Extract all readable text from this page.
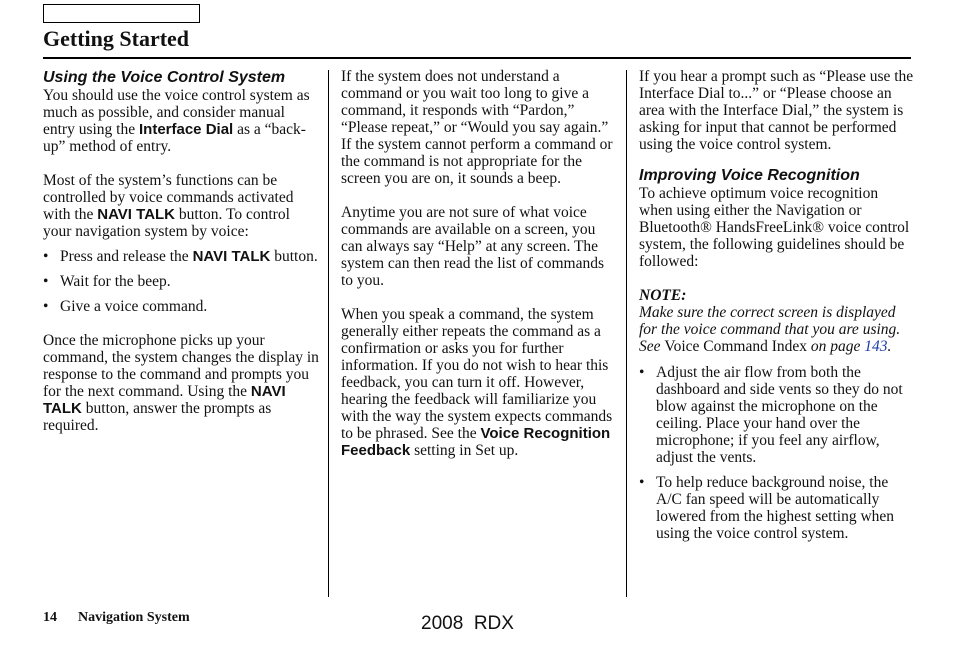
Getting Started
Using the Voice Control System

You should use the voice control system as much as possible, and consider manual entry using the Interface Dial as a “back-up” method of entry.

Most of the system’s functions can be controlled by voice commands activated with the NAVI TALK button. To control your navigation system by voice:

• Press and release the NAVI TALK button.
• Wait for the beep.
• Give a voice command.

Once the microphone picks up your command, the system changes the display in response to the command and prompts you for the next command. Using the NAVI TALK button, answer the prompts as required.

If the system does not understand a command or you wait too long to give a command, it responds with “Pardon,” “Please repeat,” or “Would you say again.” If the system cannot perform a command or the command is not appropriate for the screen you are on, it sounds a beep.

Anytime you are not sure of what voice commands are available on a screen, you can always say “Help” at any screen. The system can then read the list of commands to you.

When you speak a command, the system generally either repeats the command as a confirmation or asks you for further information. If you do not wish to hear this feedback, you can turn it off. However, hearing the feedback will familiarize you with the way the system expects commands to be phrased. See the Voice Recognition Feedback setting in Set up.

If you hear a prompt such as “Please use the Interface Dial to...” or “Please choose an area with the Interface Dial,” the system is asking for input that cannot be performed using the voice control system.

Improving Voice Recognition

To achieve optimum voice recognition when using either the Navigation or Bluetooth® HandsFreeLink® voice control system, the following guidelines should be followed:

NOTE:

Make sure the correct screen is displayed for the voice command that you are using. See Voice Command Index on page 143.

• Adjust the air flow from both the dashboard and side vents so they do not blow against the microphone on the ceiling. Place your hand over the microphone; if you feel any airflow, adjust the vents.
• To help reduce background noise, the A/C fan speed will be automatically lowered from the highest setting when using the voice control system.
14 Navigation System	2008  RDX
